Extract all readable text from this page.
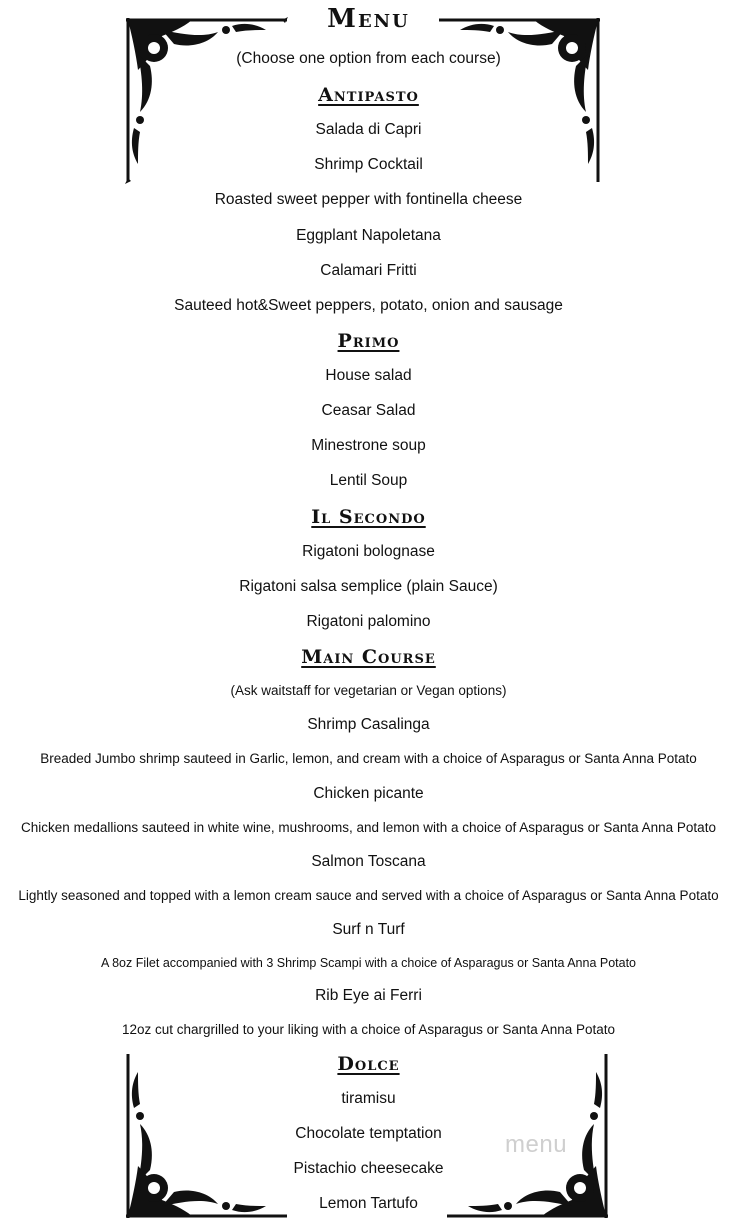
menu
Menu
(Choose one option from each course)
Antipasto
Salada di Capri
Shrimp Cocktail
Roasted sweet pepper with fontinella cheese
Eggplant Napoletana
Calamari Fritti
Sauteed hot&Sweet peppers, potato, onion and sausage
Primo
House salad
Ceasar Salad
Minestrone soup
Lentil Soup
Il Secondo
Rigatoni bolognase
Rigatoni salsa semplice (plain Sauce)
Rigatoni palomino
Main Course
(Ask waitstaff for vegetarian or Vegan options)
Shrimp Casalinga
Breaded Jumbo shrimp sauteed in Garlic, lemon, and cream with a choice of Asparagus or Santa Anna Potato
Chicken picante
Chicken medallions sauteed in white wine, mushrooms, and lemon with a choice of Asparagus or Santa Anna Potato
Salmon Toscana
Lightly seasoned and topped with a lemon cream sauce and served with a choice of Asparagus or Santa Anna Potato
Surf n Turf
A 8oz Filet accompanied with 3 Shrimp Scampi with a choice of Asparagus or Santa Anna Potato
Rib Eye ai Ferri
12oz cut chargrilled to your liking with a choice of Asparagus or Santa Anna Potato
Dolce
tiramisu
Chocolate temptation
Pistachio cheesecake
Lemon Tartufo
